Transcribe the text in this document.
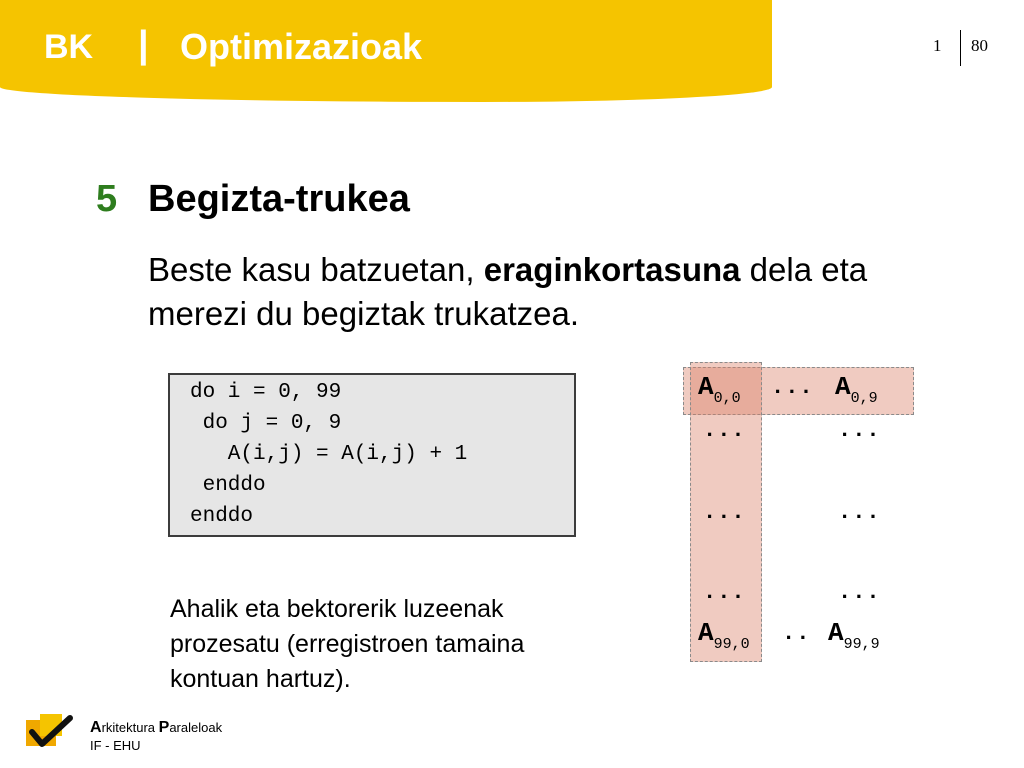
BK | Optimizazioak	1 80
5 Begizta-trukea
Beste kasu batzuetan, eraginkortasuna dela eta merezi du begiztak trukatzea.
do i = 0, 99
do j = 0, 9
A(i,j) = A(i,j) + 1
enddo
enddo
Ahalik eta bektorerik luzeenak prozesatu (erregistroen tamaina kontuan hartuz).
A0,0 ... A0,9
...	...
...	...
...	...
A99,0 .. A99,9
Arkitektura Paraleloak
IF - EHU
